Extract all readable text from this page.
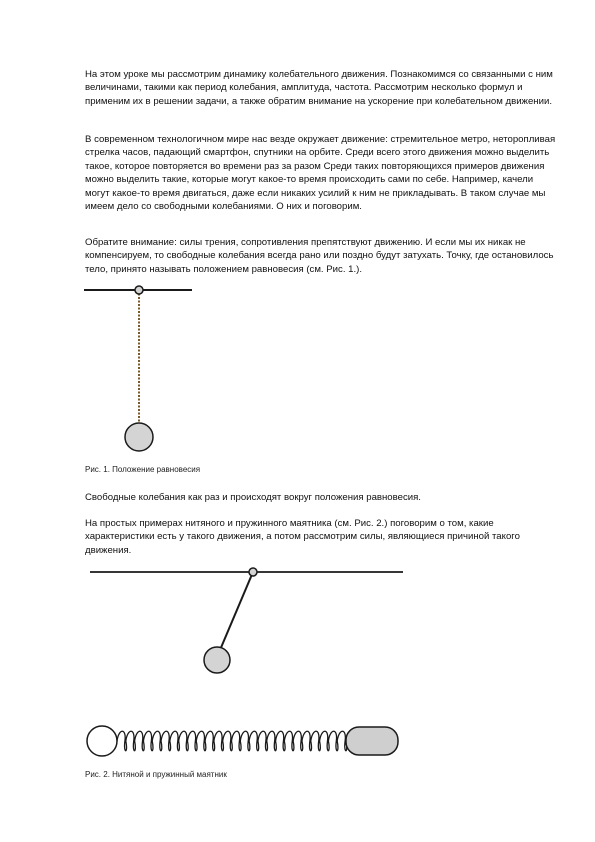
На этом уроке мы рассмотрим динамику колебательного движения. Познакомимся со связанными с ним величинами, такими как период колебания, амплитуда, частота. Рассмотрим несколько формул и применим их в решении задачи, а также обратим внимание на ускорение при колебательном движении.

В современном технологичном мире нас везде окружает движение: стремительное метро, неторопливая стрелка часов, падающий смартфон, спутники на орбите. Среди всего этого движения можно выделить такое, которое повторяется во времени раз за разом Среди таких повторяющихся примеров движения можно выделить такие, которые могут какое-то время происходить сами по себе. Например, качели могут какое-то время двигаться, даже если никаких усилий к ним не прикладывать. В таком случае мы имеем дело со свободными колебаниями. О них и поговорим.

Обратите внимание: силы трения, сопротивления препятствуют движению. И если мы их никак не компенсируем, то свободные колебания всегда рано или поздно будут затухать. Точку, где остановилось тело, принято называть положением равновесия (см. Рис. 1.).

Рис. 1. Положение равновесия

Свободные колебания как раз и происходят вокруг положения равновесия.

На простых примерах нитяного и пружинного маятника (см. Рис. 2.) поговорим о том, какие характеристики есть у такого движения, а потом рассмотрим силы, являющиеся причиной такого движения.

Рис. 2. Нитяной и пружинный маятник
